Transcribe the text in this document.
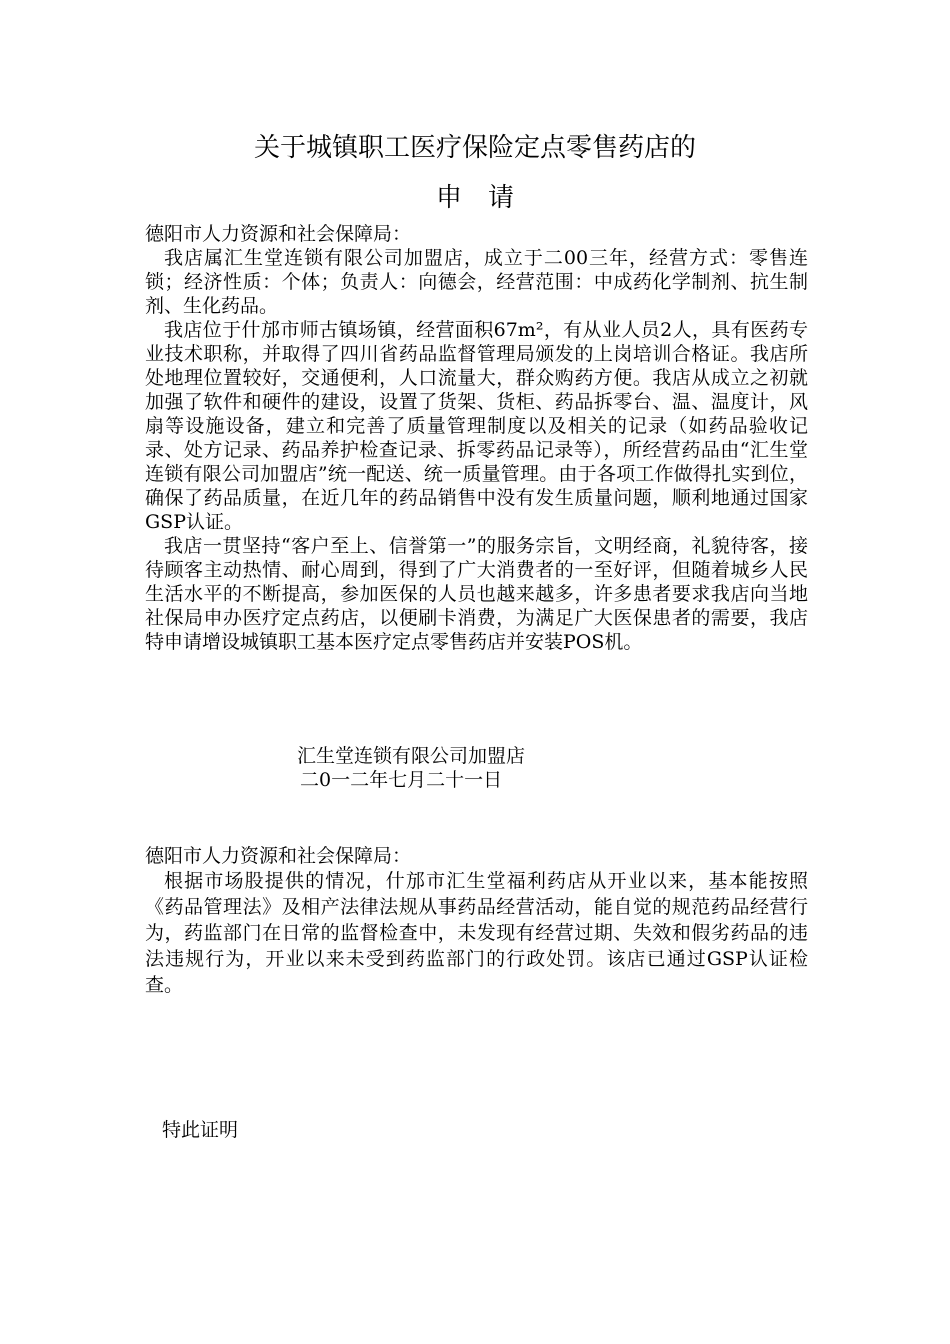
关于城镇职工医疗保险定点零售药店的
申请
德阳市人力资源和社会保障局：

我店属汇生堂连锁有限公司加盟店，成立于二00三年，经营方式：零售连锁；经济性质：个体；负责人：向德会，经营范围：中成药化学制剂、抗生制剂、生化药品。

我店位于什邡市师古镇场镇，经营面积67m²，有从业人员2人，具有医药专业技术职称，并取得了四川省药品监督管理局颁发的上岗培训合格证。我店所处地理位置较好，交通便利，人口流量大，群众购药方便。我店从成立之初就加强了软件和硬件的建设，设置了货架、货柜、药品拆零台、温、温度计，风扇等设施设备，建立和完善了质量管理制度以及相关的记录（如药品验收记录、处方记录、药品养护检查记录、拆零药品记录等），所经营药品由“汇生堂连锁有限公司加盟店”统一配送、统一质量管理。由于各项工作做得扎实到位，确保了药品质量，在近几年的药品销售中没有发生质量问题，顺利地通过国家GSP认证。

我店一贯坚持“客户至上、信誉第一”的服务宗旨，文明经商，礼貌待客，接待顾客主动热情、耐心周到，得到了广大消费者的一至好评，但随着城乡人民生活水平的不断提高，参加医保的人员也越来越多，许多患者要求我店向当地社保局申办医疗定点药店，以便刷卡消费，为满足广大医保患者的需要，我店特申请增设城镇职工基本医疗定点零售药店并安装POS机。

汇生堂连锁有限公司加盟店
二0一二年七月二十一日
德阳市人力资源和社会保障局：

根据市场股提供的情况，什邡市汇生堂福利药店从开业以来，基本能按照《药品管理法》及相产法律法规从事药品经营活动，能自觉的规范药品经营行为，药监部门在日常的监督检查中，未发现有经营过期、失效和假劣药品的违法违规行为，开业以来未受到药监部门的行政处罚。该店已通过GSP认证检查。

特此证明
